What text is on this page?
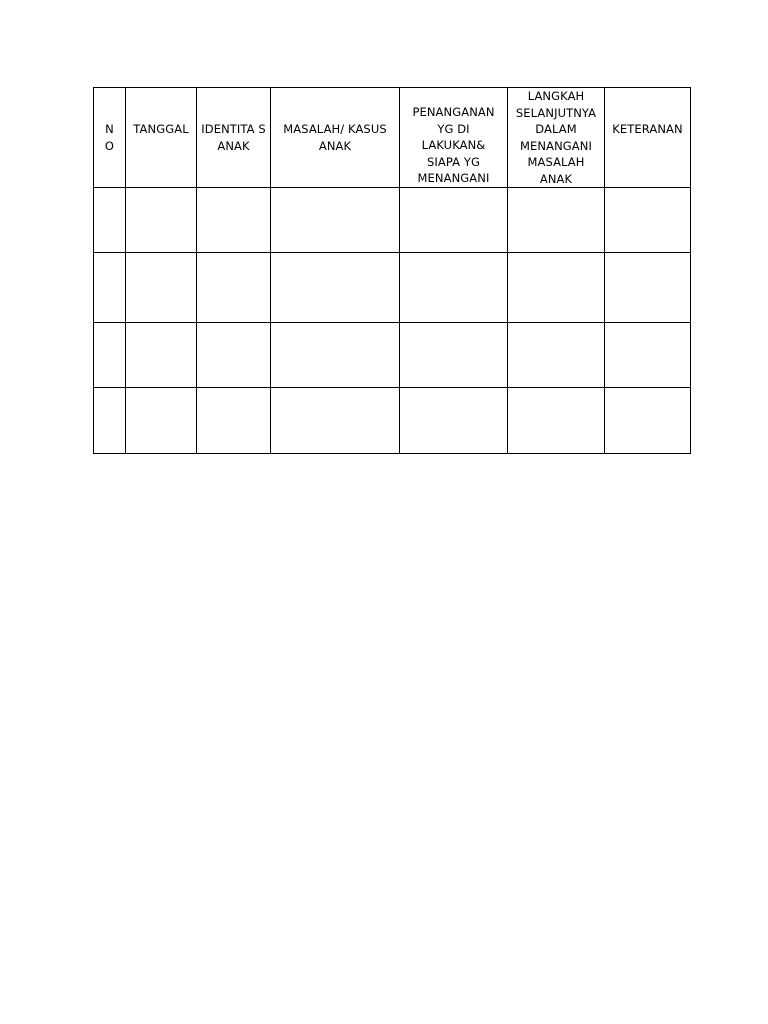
N O	TANGGAL	IDENTITA S ANAK	MASALAH/ KASUS ANAK	PENANGANAN YG DI LAKUKAN& SIAPA YG MENANGANI	LANGKAH SELANJUTNYA DALAM MENANGANI MASALAH ANAK	KETERANAN
